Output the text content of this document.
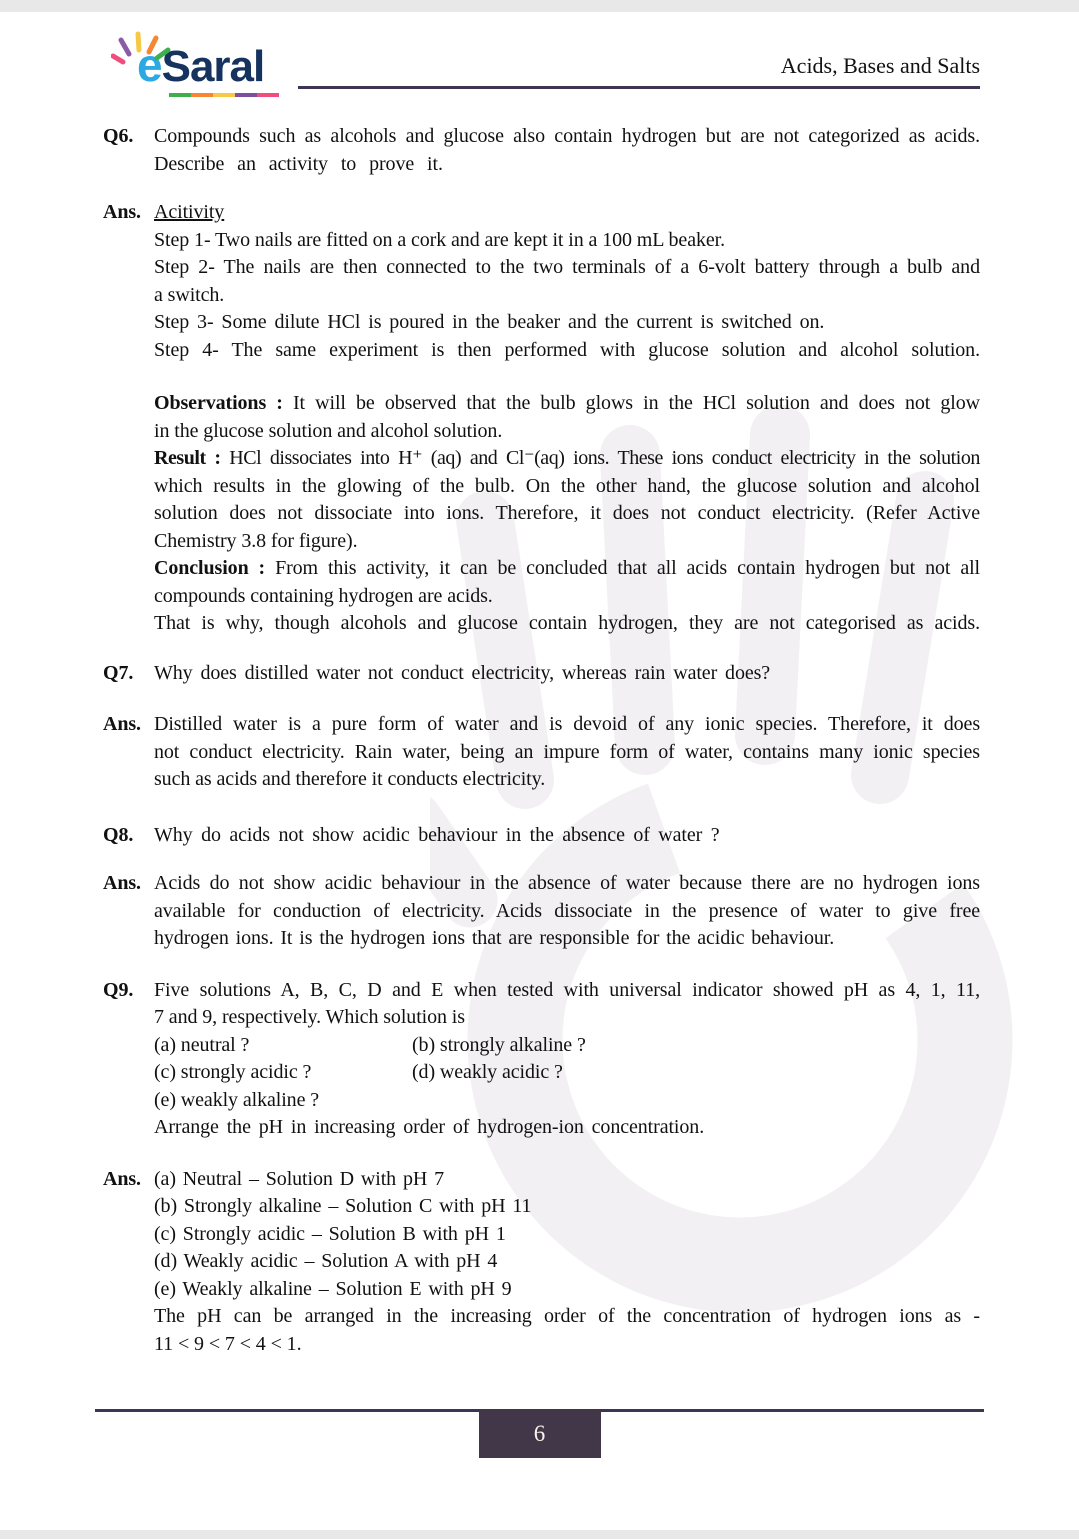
e Saral	Acids, Bases and Salts
Q6.	Compounds such as alcohols and glucose also contain hydrogen but are not categorized as acids.
Describe an activity to prove it.
Ans. Acitivity
Step 1- Two nails are fitted on a cork and are kept it in a 100 mL beaker.
Step 2- The nails are then connected to the two terminals of a 6-volt battery through a bulb and
a switch.
Step 3- Some dilute HCl is poured in the beaker and the current is switched on.
Step 4- The same experiment is then performed with glucose solution and alcohol solution.
Observations : It will be observed that the bulb glows in the HCl solution and does not glow
in the glucose solution and alcohol solution.
Result : HCl dissociates into H⁺ (aq) and Cl⁻(aq) ions. These ions conduct electricity in the solution
which results in the glowing of the bulb. On the other hand, the glucose solution and alcohol
solution does not dissociate into ions. Therefore, it does not conduct electricity. (Refer Active
Chemistry 3.8 for figure).
Conclusion : From this activity, it can be concluded that all acids contain hydrogen but not all
compounds containing hydrogen are acids.
That is why, though alcohols and glucose contain hydrogen, they are not categorised as acids.
Q7.	Why does distilled water not conduct electricity, whereas rain water does?
Ans. Distilled water is a pure form of water and is devoid of any ionic species. Therefore, it does
not conduct electricity. Rain water, being an impure form of water, contains many ionic species
such as acids and therefore it conducts electricity.
Q8.	Why do acids not show acidic behaviour in the absence of water ?
Ans. Acids do not show acidic behaviour in the absence of water because there are no hydrogen ions
available for conduction of electricity. Acids dissociate in the presence of water to give free
hydrogen ions. It is the hydrogen ions that are responsible for the acidic behaviour.
Q9.	Five solutions A, B, C, D and E when tested with universal indicator showed pH as 4, 1, 11,
7 and 9, respectively. Which solution is
(a) neutral ?	(b) strongly alkaline ?
(c) strongly acidic ?	(d) weakly acidic ?
(e) weakly alkaline ?
Arrange the pH in increasing order of hydrogen-ion concentration.
Ans. (a) Neutral – Solution D with pH 7
(b) Strongly alkaline – Solution C with pH 11
(c) Strongly acidic – Solution B with pH 1
(d) Weakly acidic – Solution A with pH 4
(e) Weakly alkaline – Solution E with pH 9
The pH can be arranged in the increasing order of the concentration of hydrogen ions as -
11 < 9 < 7 < 4 < 1.
6
